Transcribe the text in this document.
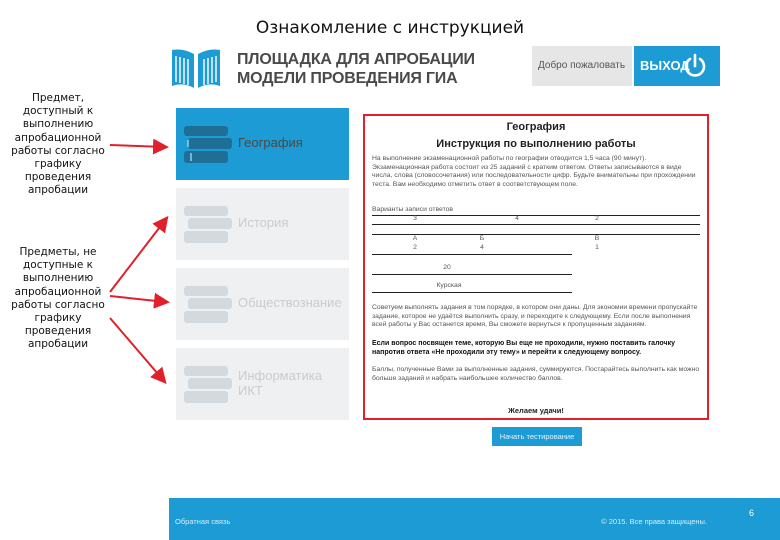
Ознакомление с инструкцией
Предмет, доступный к выполнению апробационной работы согласно графику проведения апробации
Предметы, не доступные к выполнению апробационной работы согласно графику проведения апробации
ПЛОЩАДКА ДЛЯ АПРОБАЦИИ
МОДЕЛИ ПРОВЕДЕНИЯ ГИА
Добро пожаловать	ВЫХОД
География
История
Обществознание
Информатика
ИКТ
География
Инструкция по выполнению работы
На выполнение экзаменационной работы по географии отводится 1,5 часа (90 минут). Экзаменационная работа состоит из 25 заданий с кратким ответом. Ответы записываются в виде числа, слова (словосочетания) или последовательности цифр. Будьте внимательны при прохождении теста. Вам необходимо отметить ответ в соответствующем поле.
Варианты записи ответов
3	4	2
А	Б	В
2	4	1
20
Курская
Советуем выполнять задания в том порядке, в котором они даны. Для экономии времени пропускайте задание, которое не удаётся выполнить сразу, и переходите к следующему. Если после выполнения всей работы у Вас останется время, Вы сможете вернуться к пропущенным заданиям.
Если вопрос посвящен теме, которую Вы еще не проходили, нужно поставить галочку напротив ответа «Не проходили эту тему» и перейти к следующему вопросу.
Баллы, полученные Вами за выполненные задания, суммируются. Постарайтесь выполнить как можно больше заданий и набрать наибольшее количество баллов.
Желаем удачи!
Начать тестирование
Обратная связь	© 2015. Все права защищены.
6
